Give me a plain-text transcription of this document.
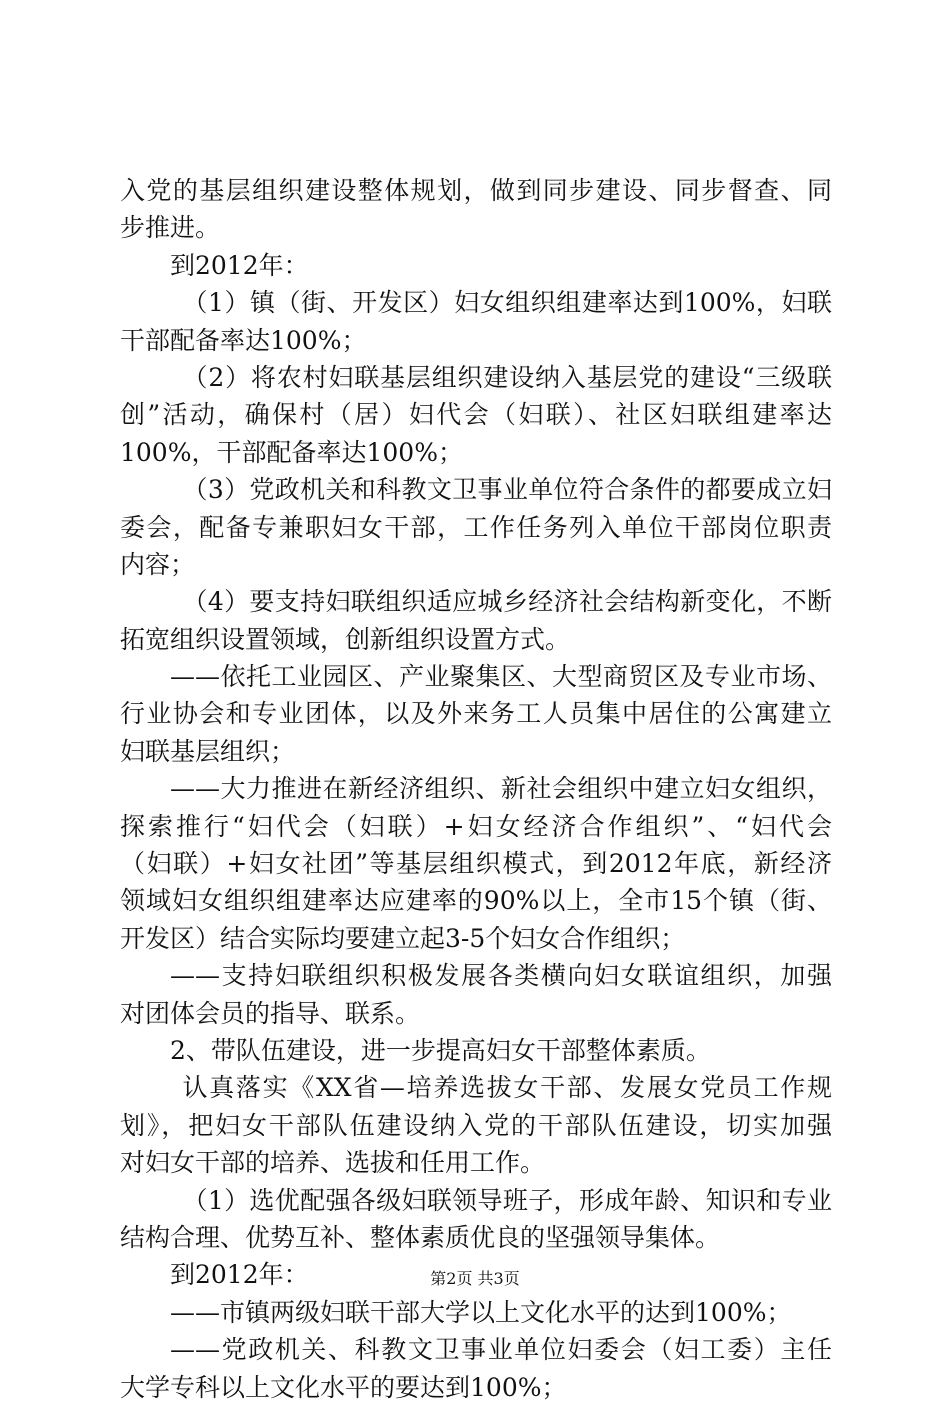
入党的基层组织建设整体规划，做到同步建设、同步督查、同
步推进。
到2012年：
（1）镇（街、开发区）妇女组织组建率达到100%，妇联
干部配备率达100%；
（2）将农村妇联基层组织建设纳入基层党的建设“三级联
创”活动，确保村（居）妇代会（妇联）、社区妇联组建率达
100%，干部配备率达100%；
（3）党政机关和科教文卫事业单位符合条件的都要成立妇
委会，配备专兼职妇女干部，工作任务列入单位干部岗位职责
内容；
（4）要支持妇联组织适应城乡经济社会结构新变化，不断
拓宽组织设置领域，创新组织设置方式。
——依托工业园区、产业聚集区、大型商贸区及专业市场、
行业协会和专业团体，以及外来务工人员集中居住的公寓建立
妇联基层组织；
——大力推进在新经济组织、新社会组织中建立妇女组织，
探索推行“妇代会（妇联）+妇女经济合作组织”、“妇代会
（妇联）+妇女社团”等基层组织模式，到2012年底，新经济
领域妇女组织组建率达应建率的90%以上，全市15个镇（街、
开发区）结合实际均要建立起3-5个妇女合作组织；
——支持妇联组织积极发展各类横向妇女联谊组织，加强
对团体会员的指导、联系。
2、带队伍建设，进一步提高妇女干部整体素质。
认真落实《XX省—培养选拔女干部、发展女党员工作规
划》，把妇女干部队伍建设纳入党的干部队伍建设，切实加强
对妇女干部的培养、选拔和任用工作。
（1）选优配强各级妇联领导班子，形成年龄、知识和专业
结构合理、优势互补、整体素质优良的坚强领导集体。
到2012年：
——市镇两级妇联干部大学以上文化水平的达到100%；
——党政机关、科教文卫事业单位妇委会（妇工委）主任
大学专科以上文化水平的要达到100%；
第2页 共3页
